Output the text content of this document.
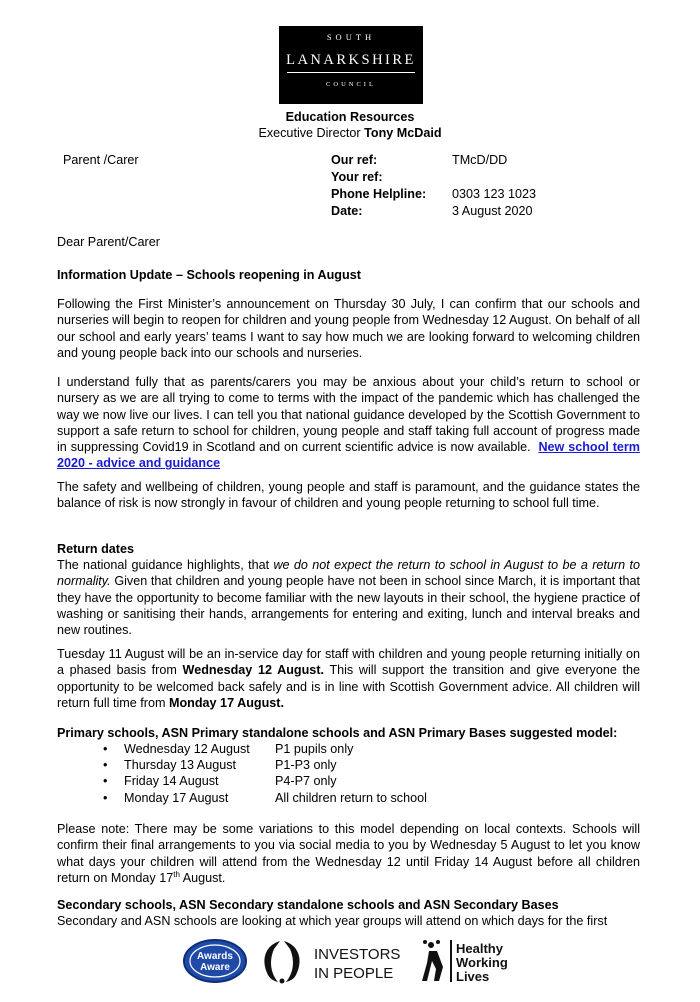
SOUTH
LANARKSHIRE
COUNCIL
Education Resources
Executive Director Tony McDaid
Parent /Carer	Our ref:	TMcD/DD
Your ref:
Phone Helpline: 0303 123 1023
Date:	3 August 2020
Dear Parent/Carer
Information Update – Schools reopening in August
Following the First Minister’s announcement on Thursday 30 July, I can confirm that our schools and nurseries will begin to reopen for children and young people from Wednesday 12 August. On behalf of all our school and early years’ teams I want to say how much we are looking forward to welcoming children and young people back into our schools and nurseries.
I understand fully that as parents/carers you may be anxious about your child’s return to school or nursery as we are all trying to come to terms with the impact of the pandemic which has challenged the way we now live our lives. I can tell you that national guidance developed by the Scottish Government to support a safe return to school for children, young people and staff taking full account of progress made in suppressing Covid19 in Scotland and on current scientific advice is now available. New school term 2020 - advice and guidance
The safety and wellbeing of children, young people and staff is paramount, and the guidance states the balance of risk is now strongly in favour of children and young people returning to school full time.
Return dates
The national guidance highlights, that we do not expect the return to school in August to be a return to normality. Given that children and young people have not been in school since March, it is important that they have the opportunity to become familiar with the new layouts in their school, the hygiene practice of washing or sanitising their hands, arrangements for entering and exiting, lunch and interval breaks and new routines.
Tuesday 11 August will be an in-service day for staff with children and young people returning initially on a phased basis from Wednesday 12 August. This will support the transition and give everyone the opportunity to be welcomed back safely and is in line with Scottish Government advice. All children will return full time from Monday 17 August.
Primary schools, ASN Primary standalone schools and ASN Primary Bases suggested model:
• Wednesday 12 August P1 pupils only
• Thursday 13 August	P1-P3 only
• Friday 14 August	P4-P7 only
• Monday 17 August	All children return to school
Please note: There may be some variations to this model depending on local contexts. Schools will confirm their final arrangements to you via social media to you by Wednesday 5 August to let you know what days your children will attend from the Wednesday 12 until Friday 14 August before all children return on Monday 17th August.
Secondary schools, ASN Secondary standalone schools and ASN Secondary Bases
Secondary and ASN schools are looking at which year groups will attend on which days for the first
Awards
Aware
INVESTORS
IN PEOPLE
Healthy
Working
Lives
